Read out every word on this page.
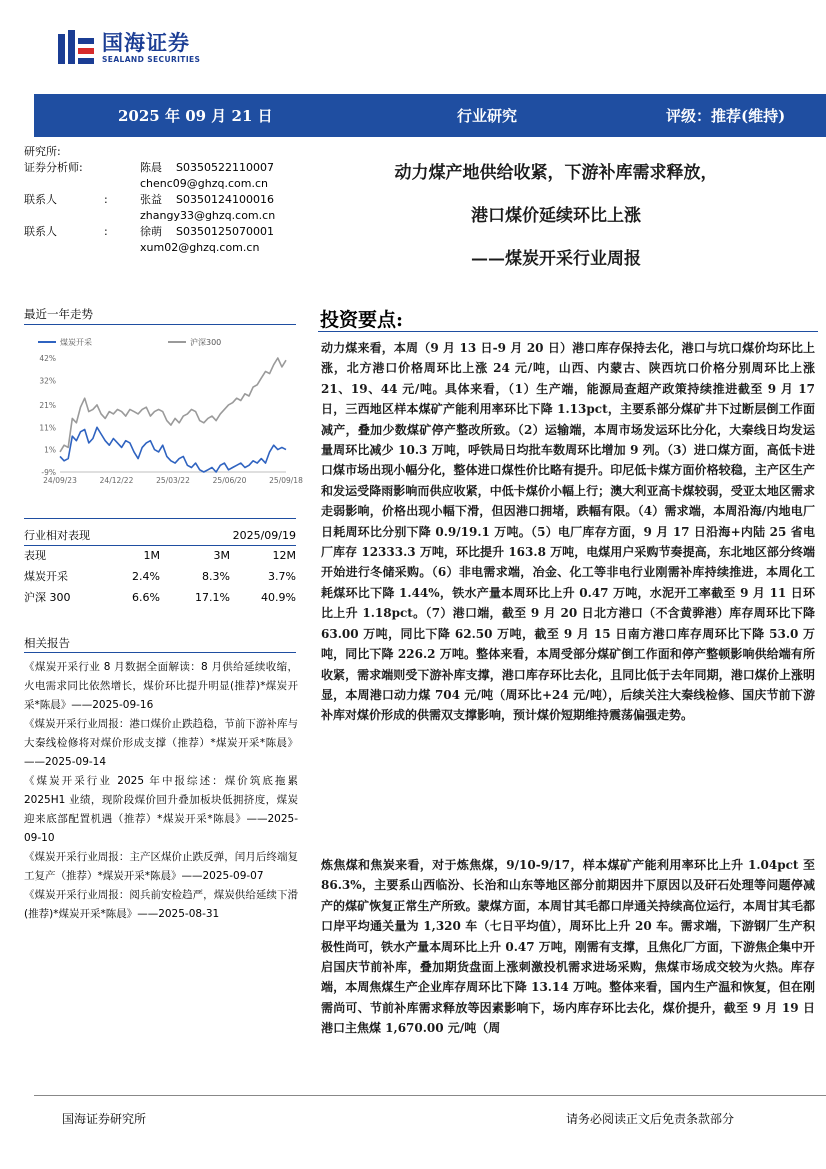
国海证券
SEALAND SECURITIES
2025 年 09 月 21 日	行业研究	评级：推荐(维持)
研究所:
证券分析师:	陈晨 S0350522110007
chenc09@ghzq.com.cn
联系人	:	张益 S0350124100016
zhangy33@ghzq.com.cn
联系人	:	徐萌 S0350125070001
xum02@ghzq.com.cn
动力煤产地供给收紧，下游补库需求释放，
港口煤价延续环比上涨
——煤炭开采行业周报
最近一年走势
煤炭开采	沪深300
42%
32%
21%
11%
1%
-9%
24/09/23	24/12/22	25/03/22	25/06/20	25/09/18
行业相对表现	2025/09/19
表现	1M	3M	12M
煤炭开采	2.4%	8.3%	3.7%
沪深 300	6.6%	17.1%	40.9%
相关报告
《煤炭开采行业 8 月数据全面解读：8 月供给延续收缩，火电需求同比依然增长，煤价环比提升明显(推荐)*煤炭开采*陈晨》——2025-09-16
《煤炭开采行业周报：港口煤价止跌趋稳，节前下游补库与大秦线检修将对煤价形成支撑（推荐）*煤炭开采*陈晨》——2025-09-14
《煤炭开采行业 2025 年中报综述：煤价筑底拖累 2025H1 业绩，现阶段煤价回升叠加板块低拥挤度，煤炭迎来底部配置机遇（推荐）*煤炭开采*陈晨》——2025-09-10
《煤炭开采行业周报：主产区煤价止跌反弹，闰月后终端复工复产（推荐）*煤炭开采*陈晨》——2025-09-07
《煤炭开采行业周报：阅兵前安检趋严，煤炭供给延续下滑(推荐)*煤炭开采*陈晨》——2025-08-31
投资要点:
动力煤来看，本周（9 月 13 日-9 月 20 日）港口库存保持去化，港口与坑口煤价均环比上涨，北方港口价格周环比上涨 24 元/吨，山西、内蒙古、陕西坑口价格分别周环比上涨 21、19、44 元/吨。具体来看，（1）生产端，能源局查超产政策持续推进截至 9 月 17 日，三西地区样本煤矿产能利用率环比下降 1.13pct，主要系部分煤矿井下过断层倒工作面减产，叠加少数煤矿停产整改所致。（2）运输端，本周市场发运环比分化，大秦线日均发运量周环比减少 10.3 万吨，呼铁局日均批车数周环比增加 9 列。（3）进口煤方面，高低卡进口煤市场出现小幅分化，整体进口煤性价比略有提升。印尼低卡煤方面价格较稳，主产区生产和发运受降雨影响而供应收紧，中低卡煤价小幅上行；澳大利亚高卡煤较弱，受亚太地区需求走弱影响，价格出现小幅下滑，但因港口拥堵，跌幅有限。（4）需求端，本周沿海/内地电厂日耗周环比分别下降 0.9/19.1 万吨。（5）电厂库存方面，9 月 17 日沿海+内陆 25 省电厂库存 12333.3 万吨，环比提升 163.8 万吨，电煤用户采购节奏提高，东北地区部分终端开始进行冬储采购。（6）非电需求端，冶金、化工等非电行业刚需补库持续推进，本周化工耗煤环比下降 1.44%，铁水产量本周环比上升 0.47 万吨，水泥开工率截至 9 月 11 日环比上升 1.18pct。（7）港口端，截至 9 月 20 日北方港口（不含黄骅港）库存周环比下降 63.00 万吨，同比下降 62.50 万吨，截至 9 月 15 日南方港口库存周环比下降 53.0 万吨，同比下降 226.2 万吨。整体来看，本周受部分煤矿倒工作面和停产整顿影响供给端有所收紧，需求端则受下游补库支撑，港口库存环比去化，且同比低于去年同期，港口煤价上涨明显，本周港口动力煤 704 元/吨（周环比+24 元/吨），后续关注大秦线检修、国庆节前下游补库对煤价形成的供需双支撑影响，预计煤价短期维持震荡偏强走势。
炼焦煤和焦炭来看，对于炼焦煤，9/10-9/17，样本煤矿产能利用率环比上升 1.04pct 至 86.3%，主要系山西临汾、长治和山东等地区部分前期因井下原因以及矸石处理等问题停减产的煤矿恢复正常生产所致。蒙煤方面，本周甘其毛都口岸通关持续高位运行，本周甘其毛都口岸平均通关量为 1,320 车（七日平均值），周环比上升 20 车。需求端，下游钢厂生产积极性尚可，铁水产量本周环比上升 0.47 万吨，刚需有支撑，且焦化厂方面，下游焦企集中开启国庆节前补库，叠加期货盘面上涨刺激投机需求进场采购，焦煤市场成交较为火热。库存端，本周焦煤生产企业库存周环比下降 13.14 万吨。整体来看，国内生产温和恢复，但在刚需尚可、节前补库需求释放等因素影响下，场内库存环比去化，煤价提升，截至 9 月 19 日港口主焦煤 1,670.00 元/吨（周
国海证券研究所	请务必阅读正文后免责条款部分
